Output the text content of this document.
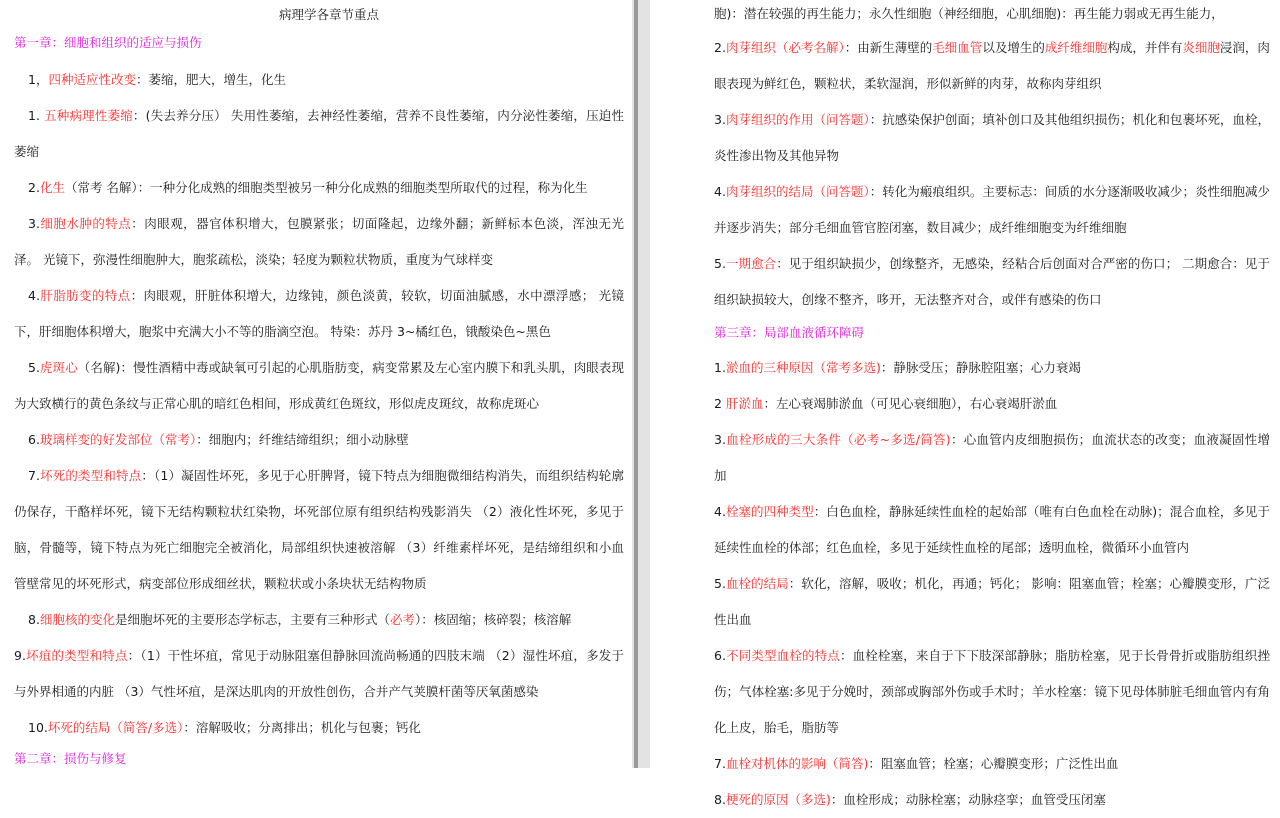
病理学各章节重点
第一章：细胞和组织的适应与损伤

1，四种适应性改变：萎缩，肥大，增生，化生

1. 五种病理性萎缩：(失去养分压） 失用性萎缩，去神经性萎缩，营养不良性萎缩，内分泌性萎缩，压迫性萎缩

2.化生（常考 名解）：一种分化成熟的细胞类型被另一种分化成熟的细胞类型所取代的过程，称为化生

3.细胞水肿的特点：肉眼观，器官体积增大，包膜紧张；切面隆起，边缘外翻；新鲜标本色淡，浑浊无光泽。 光镜下，弥漫性细胞肿大，胞浆疏松，淡染；轻度为颗粒状物质，重度为气球样变

4.肝脂肪变的特点：肉眼观，肝脏体积增大，边缘钝，颜色淡黄，较软，切面油腻感，水中漂浮感； 光镜下，肝细胞体积增大，胞浆中充满大小不等的脂滴空泡。 特染：苏丹 3~橘红色，锇酸染色~黑色

5.虎斑心（名解)：慢性酒精中毒或缺氧可引起的心肌脂肪变，病变常累及左心室内膜下和乳头肌，肉眼表现为大致横行的黄色条纹与正常心肌的暗红色相间，形成黄红色斑纹，形似虎皮斑纹，故称虎斑心

6.玻璃样变的好发部位（常考）：细胞内；纤维结缔组织；细小动脉壁

7.坏死的类型和特点：（1）凝固性坏死，多见于心肝脾肾，镜下特点为细胞微细结构消失，而组织结构轮廓仍保存，干酪样坏死，镜下无结构颗粒状红染物，坏死部位原有组织结构残影消失 （2）液化性坏死，多见于脑，骨髓等，镜下特点为死亡细胞完全被消化，局部组织快速被溶解 （3）纤维素样坏死，是结缔组织和小血管壁常见的坏死形式，病变部位形成细丝状，颗粒状或小条块状无结构物质

8.细胞核的变化是细胞坏死的主要形态学标志，主要有三种形式（必考）：核固缩；核碎裂；核溶解

9.坏疽的类型和特点：（1）干性坏疽，常见于动脉阻塞但静脉回流尚畅通的四肢末端 （2）湿性坏疽，多发于与外界相通的内脏 （3）气性坏疽，是深达肌肉的开放性创伤，合并产气荚膜杆菌等厌氧菌感染

10.坏死的结局（简答/多选）：溶解吸收；分离排出；机化与包裹；钙化

第二章：损伤与修复

胞)：潜在较强的再生能力；永久性细胞（神经细胞，心肌细胞)：再生能力弱或无再生能力，

2.肉芽组织（必考名解）：由新生薄壁的毛细血管以及增生的成纤维细胞构成，并伴有炎细胞浸润，肉眼表现为鲜红色，颗粒状，柔软湿润，形似新鲜的肉芽，故称肉芽组织

3.肉芽组织的作用（问答题）：抗感染保护创面；填补创口及其他组织损伤；机化和包裹坏死，血栓，炎性渗出物及其他异物

4.肉芽组织的结局（问答题）：转化为瘢痕组织。主要标志：间质的水分逐渐吸收减少；炎性细胞减少并逐步消失；部分毛细血管官腔闭塞，数目减少；成纤维细胞变为纤维细胞

5.一期愈合：见于组织缺损少，创缘整齐，无感染，经粘合后创面对合严密的伤口； 二期愈合：见于组织缺损较大，创缘不整齐，哆开，无法整齐对合，或伴有感染的伤口

第三章：局部血液循环障碍

1.淤血的三种原因（常考多选)：静脉受压；静脉腔阻塞；心力衰竭

2 肝淤血：左心衰竭肺淤血（可见心衰细胞），右心衰竭肝淤血

3.血栓形成的三大条件（必考~多选/简答)：心血管内皮细胞损伤；血流状态的改变；血液凝固性增加

4.栓塞的四种类型：白色血栓，静脉延续性血栓的起始部（唯有白色血栓在动脉)；混合血栓，多见于延续性血栓的体部；红色血栓，多见于延续性血栓的尾部；透明血栓，微循环小血管内

5.血栓的结局：软化，溶解，吸收；机化，再通；钙化； 影响：阻塞血管；栓塞；心瓣膜变形，广泛性出血

6.不同类型血栓的特点：血栓栓塞，来自于下下肢深部静脉；脂肪栓塞，见于长骨骨折或脂肪组织挫伤；气体栓塞:多见于分娩时，颈部或胸部外伤或手术时；羊水栓塞：镜下见母体肺脏毛细血管内有角化上皮，胎毛，脂肪等

7.血栓对机体的影响（简答)：阻塞血管；栓塞；心瓣膜变形；广泛性出血

8.梗死的原因（多选)：血栓形成；动脉栓塞；动脉痉挛；血管受压闭塞
